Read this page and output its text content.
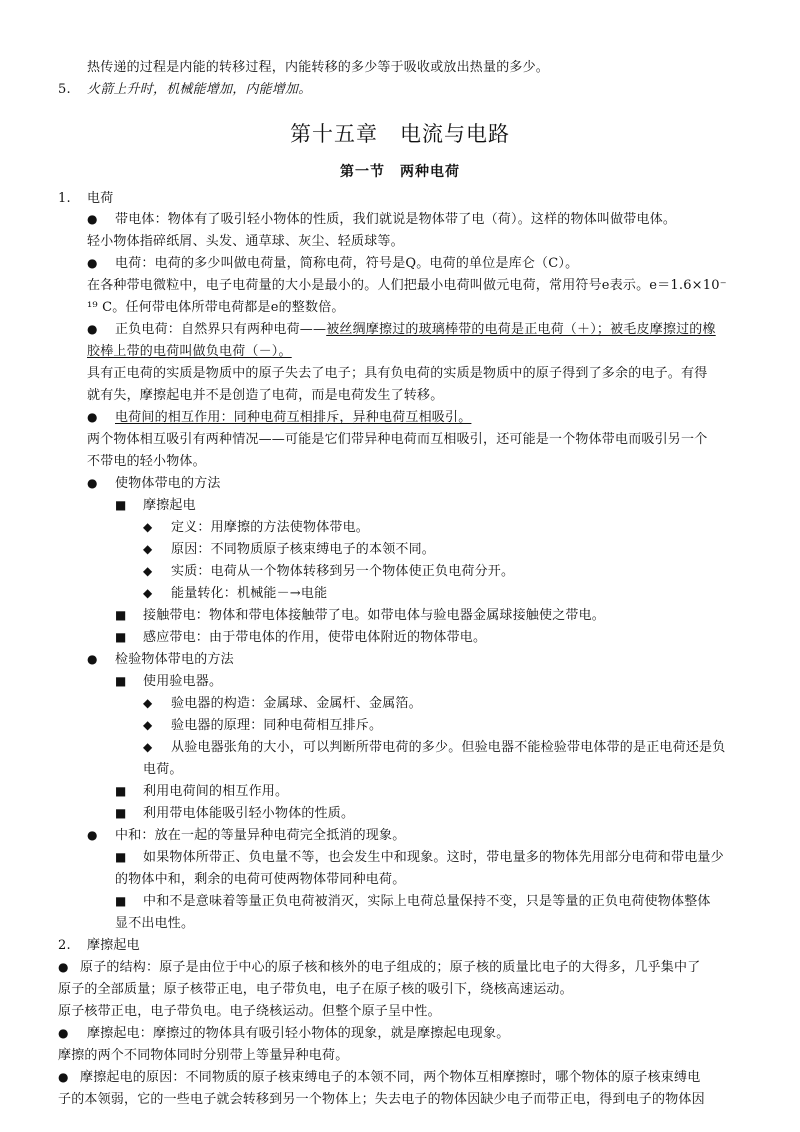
热传递的过程是内能的转移过程，内能转移的多少等于吸收或放出热量的多少。
5.	火箭上升时，机械能增加，内能增加。
第十五章　电流与电路
第一节　两种电荷
1.	电荷
● 带电体：物体有了吸引轻小物体的性质，我们就说是物体带了电（荷）。这样的物体叫做带电体。
轻小物体指碎纸屑、头发、通草球、灰尘、轻质球等。
● 电荷：电荷的多少叫做电荷量，简称电荷，符号是Q。电荷的单位是库仑（C）。
在各种带电微粒中，电子电荷量的大小是最小的。人们把最小电荷叫做元电荷，常用符号e表示。e＝1.6×10⁻
¹⁹ C。任何带电体所带电荷都是e的整数倍。
● 正负电荷：自然界只有两种电荷——被丝绸摩擦过的玻璃棒带的电荷是正电荷（＋）；被毛皮摩擦过的橡
胶棒上带的电荷叫做负电荷（－）。
具有正电荷的实质是物质中的原子失去了电子；具有负电荷的实质是物质中的原子得到了多余的电子。有得
就有失，摩擦起电并不是创造了电荷，而是电荷发生了转移。
● 电荷间的相互作用：同种电荷互相排斥，异种电荷互相吸引。
两个物体相互吸引有两种情况——可能是它们带异种电荷而互相吸引，还可能是一个物体带电而吸引另一个
不带电的轻小物体。
● 使物体带电的方法
■ 摩擦起电
◆ 定义：用摩擦的方法使物体带电。
◆ 原因：不同物质原子核束缚电子的本领不同。
◆ 实质：电荷从一个物体转移到另一个物体使正负电荷分开。
◆ 能量转化：机械能－→电能
■ 接触带电：物体和带电体接触带了电。如带电体与验电器金属球接触使之带电。
■ 感应带电：由于带电体的作用，使带电体附近的物体带电。
● 检验物体带电的方法
■ 使用验电器。
◆ 验电器的构造：金属球、金属杆、金属箔。
◆ 验电器的原理：同种电荷相互排斥。
◆ 从验电器张角的大小，可以判断所带电荷的多少。但验电器不能检验带电体带的是正电荷还是负
电荷。
■ 利用电荷间的相互作用。
■ 利用带电体能吸引轻小物体的性质。
● 中和：放在一起的等量异种电荷完全抵消的现象。
■ 如果物体所带正、负电量不等，也会发生中和现象。这时，带电量多的物体先用部分电荷和带电量少
的物体中和，剩余的电荷可使两物体带同种电荷。
■ 中和不是意味着等量正负电荷被消灭，实际上电荷总量保持不变，只是等量的正负电荷使物体整体
显不出电性。
2.	摩擦起电
● 原子的结构：原子是由位于中心的原子核和核外的电子组成的；原子核的质量比电子的大得多，几乎集中了
原子的全部质量；原子核带正电，电子带负电，电子在原子核的吸引下，绕核高速运动。
原子核带正电，电子带负电。电子绕核运动。但整个原子呈中性。
● 摩擦起电：摩擦过的物体具有吸引轻小物体的现象，就是摩擦起电现象。
摩擦的两个不同物体同时分别带上等量异种电荷。
● 摩擦起电的原因：不同物质的原子核束缚电子的本领不同，两个物体互相摩擦时，哪个物体的原子核束缚电
子的本领弱，它的一些电子就会转移到另一个物体上；失去电子的物体因缺少电子而带正电，得到电子的物体因
